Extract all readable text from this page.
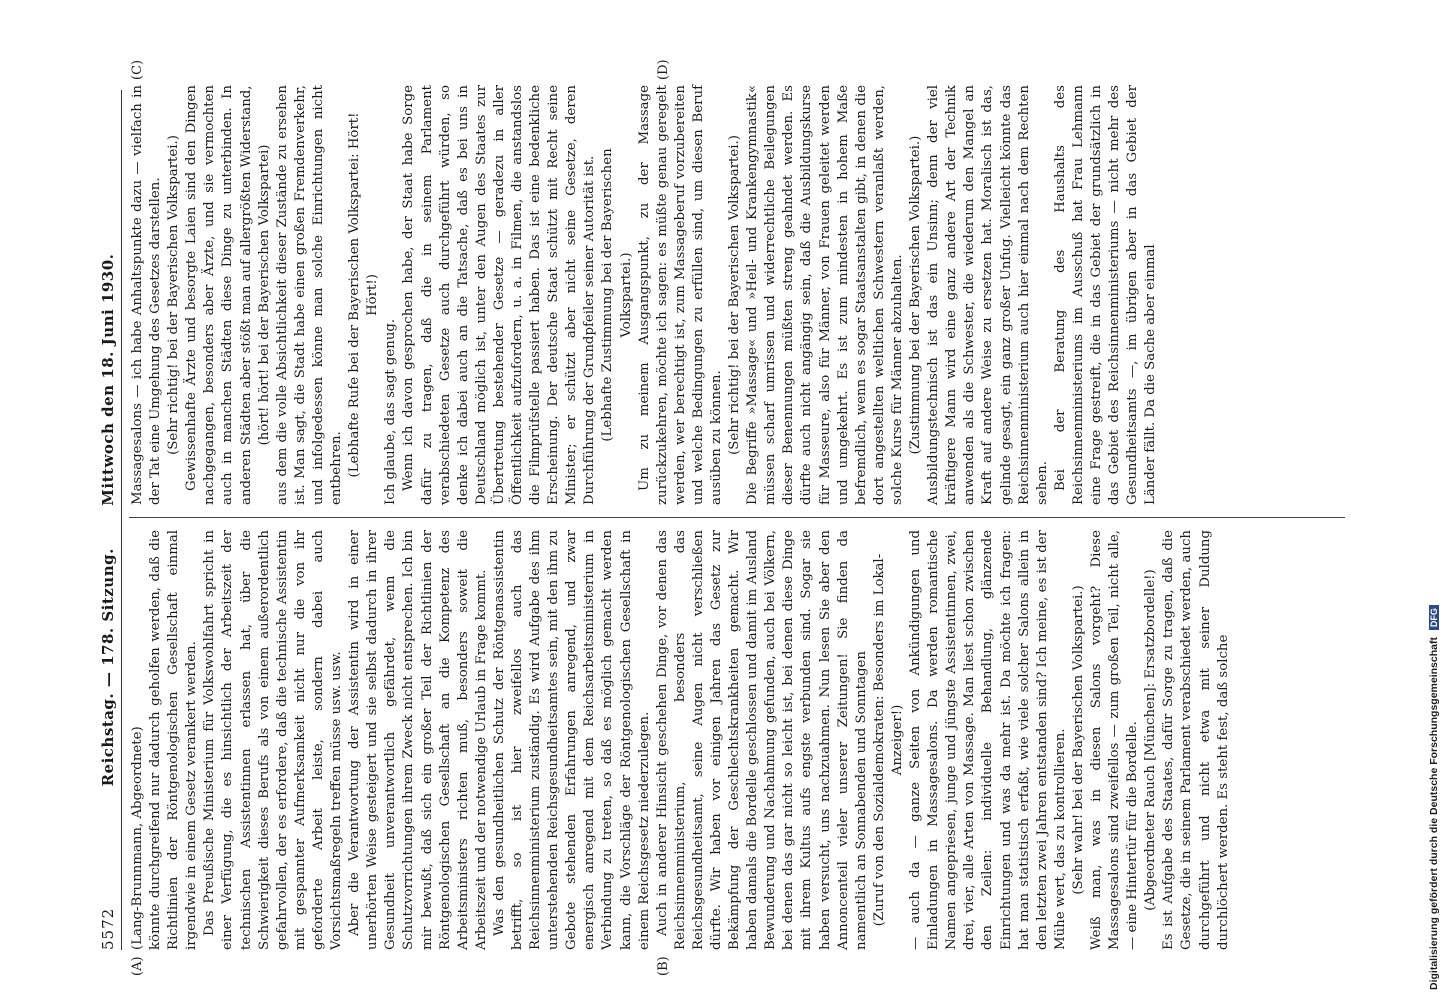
5572
Reichstag. — 178. Sitzung.    Mittwoch den 18. Juni 1930.
(A)	(B)
(C)	(D)

(Lang-Brunnmann, Abgeordnete) könnte durchgreifend nur dadurch geholfen werden, daß die Richtlinien der Röntgenologischen Gesellschaft einmal irgendwie in einem Gesetz verankert werden. Das Preußische Ministerium für Volkswohlfahrt spricht in einer Verfügung, die es hinsichtlich der Arbeitszeit der technischen Assistentinnen erlassen hat, über die Schwierigkeit dieses Berufs als von einem außerordentlich gefahrvollen, der es erfordere, daß die technische Assistentin mit gespannter Aufmerksamkeit nicht nur die von ihr geforderte Arbeit leiste, sondern dabei auch Vorsichtsmaßregeln treffen müsse usw. usw. Aber die Verantwortung der Assistentin wird in einer unerhörten Weise gesteigert und sie selbst dadurch in ihrer Gesundheit unverantwortlich gefährdet, wenn die Schutzvorrichtungen ihrem Zweck nicht entsprechen. Ich bin mir bewußt, daß sich ein großer Teil der Richtlinien der Röntgenologischen Gesellschaft an die Kompetenz des Arbeitsministers richten muß, besonders soweit die Arbeitszeit und der notwendige Urlaub in Frage kommt. Was den gesundheitlichen Schutz der Röntgenassistentin betrifft, so ist hier zweifellos auch das Reichsinnenministerium zuständig. Es wird Aufgabe des ihm unterstehenden Reichsgesundheitsamtes sein, mit den ihm zu Gebote stehenden Erfahrungen anregend, und zwar energisch anregend mit dem Reichsarbeitsministerium in Verbindung zu treten, so daß es möglich gemacht werden kann, die Vorschläge der Röntgenologischen Gesellschaft in einem Reichsgesetz niederzulegen. Auch in anderer Hinsicht geschehen Dinge, vor denen das Reichsinnenministerium, besonders das Reichsgesundheitsamt, seine Augen nicht verschließen dürfte. Wir haben vor einigen Jahren das Gesetz zur Bekämpfung der Geschlechtskrankheiten gemacht. Wir haben damals die Bordelle geschlossen und damit im Ausland Bewunderung und Nachahmung gefunden, auch bei Völkern, bei denen das gar nicht so leicht ist, bei denen diese Dinge mit ihrem Kultus aufs engste verbunden sind. Sogar sie haben versucht, uns nachzuahmen. Nun lesen Sie aber den Annoncenteil vieler unserer Zeitungen! Sie finden da namentlich an Sonnabenden und Sonntagen (Zuruf von den Sozialdemokraten: Besonders im Lokal-Anzeiger!) — auch da — ganze Seiten von Ankündigungen und Einladungen in Massagesalons. Da werden romantische Namen angepriesen, junge und jüngste Assistentinnen, zwei, drei, vier, alle Arten von Massage. Man liest schon zwischen den Zeilen: individuelle Behandlung, glänzende Einrichtungen und was da mehr ist. Da möchte ich fragen: hat man statistisch erfaßt, wie viele solcher Salons allein in den letzten zwei Jahren entstanden sind? Ich meine, es ist der Mühe wert, das zu kontrollieren. (Sehr wahr! bei der Bayerischen Volkspartei.) Weiß man, was in diesen Salons vorgeht? Diese Massagesalons sind zweifellos — zum großen Teil, nicht alle, — eine Hintertür für die Bordelle. (Abgeordneter Rauch [München]: Ersatzbordelle!) Es ist Aufgabe des Staates, dafür Sorge zu tragen, daß die Gesetze, die in seinem Parlament verabschiedet werden, auch durchgeführt und nicht etwa mit seiner Duldung durchlöchert werden. Es steht fest, daß solche

Massagesalons — ich habe Anhaltspunkte dazu — vielfach in der Tat eine Umgehung des Gesetzes darstellen. (Sehr richtig! bei der Bayerischen Volkspartei.) Gewissenhafte Ärzte und besorgte Laien sind den Dingen nachgegangen, besonders aber Ärzte, und sie vermochten auch in manchen Städten diese Dinge zu unterbinden. In anderen Städten aber stößt man auf allergrößten Widerstand, (hört! hört! bei der Bayerischen Volkspartei) aus dem die volle Absichtlichkeit dieser Zustände zu ersehen ist. Man sagt, die Stadt habe einen großen Fremdenverkehr, und infolgedessen könne man solche Einrichtungen nicht entbehren. (Lebhafte Rufe bei der Bayerischen Volkspartei: Hört! Hört!)

Ich glaube, das sagt genug. Wenn ich davon gesprochen habe, der Staat habe Sorge dafür zu tragen, daß die in seinem Parlament verabschiedeten Gesetze auch durchgeführt würden, so denke ich dabei auch an die Tatsache, daß es bei uns in Deutschland möglich ist, unter den Augen des Staates zur Übertretung bestehender Gesetze — geradezu in aller Öffentlichkeit aufzufordern, u. a. in Filmen, die anstandslos die Filmprüfstelle passiert haben. Das ist eine bedenkliche Erscheinung. Der deutsche Staat schützt mit Recht seine Minister; er schützt aber nicht seine Gesetze, deren Durchführung der Grundpfeiler seiner Autorität ist. (Lebhafte Zustimmung bei der Bayerischen Volkspartei.) Um zu meinem Ausgangspunkt, zu der Massage zurückzukehren, möchte ich sagen: es müßte genau geregelt werden, wer berechtigt ist, zum Massageberuf vorzubereiten und welche Bedingungen zu erfüllen sind, um diesen Beruf ausüben zu können. (Sehr richtig! bei der Bayerischen Volkspartei.) Die Begriffe »Massage« und »Heil- und Krankengymnastik« müssen scharf umrissen und widerrechtliche Beilegungen dieser Benennungen müßten streng geahndet werden. Es dürfte auch nicht angängig sein, daß die Ausbildungskurse für Masseure, also für Männer, von Frauen geleitet werden und umgekehrt. Es ist zum mindesten in hohem Maße befremdlich, wenn es sogar Staatsanstalten gibt, in denen die dort angestellten weltlichen Schwestern veranlaßt werden, solche Kurse für Männer abzuhalten. (Zustimmung bei der Bayerischen Volkspartei.) Ausbildungstechnisch ist das ein Unsinn; denn der viel kräftigere Mann wird eine ganz andere Art der Technik anwenden als die Schwester, die wiederum den Mangel an Kraft auf andere Weise zu ersetzen hat. Moralisch ist das, gelinde gesagt, ein ganz großer Unfug. Vielleicht könnte das Reichsinnenministerium auch hier einmal nach dem Rechten sehen. Bei der Beratung des Haushalts des Reichsinnenministeriums im Ausschuß hat Frau Lehmann eine Frage gestreift, die in das Gebiet der grundsätzlich in das Gebiet des Reichsinnenministeriums — nicht mehr des Gesundheitsamts —, im übrigen aber in das Gebiet der Länder fällt. Da die Sache aber einmal

Digitalisierung gefördert durch die Deutsche Forschungsgemeinschaft DFG
